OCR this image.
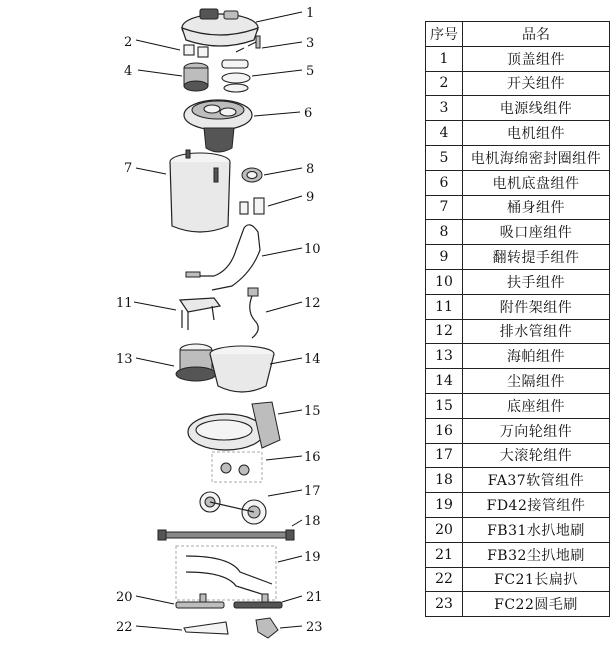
1
2	3
4	5
6
7	8
9
10
11	12
13	14
15
16
17
18
19
20	21
22	23
序号	品名
1	顶盖组件
2	开关组件
3	电源线组件
4	电机组件
5	电机海绵密封圈组件
6	电机底盘组件
7	桶身组件
8	吸口座组件
9	翻转提手组件
10	扶手组件
11	附件架组件
12	排水管组件
13	海帕组件
14	尘隔组件
15	底座组件
16	万向轮组件
17	大滚轮组件
18	FA37软管组件
19	FD42接管组件
20	FB31水扒地刷
21	FB32尘扒地刷
22	FC21长扁扒
23	FC22圆毛刷
